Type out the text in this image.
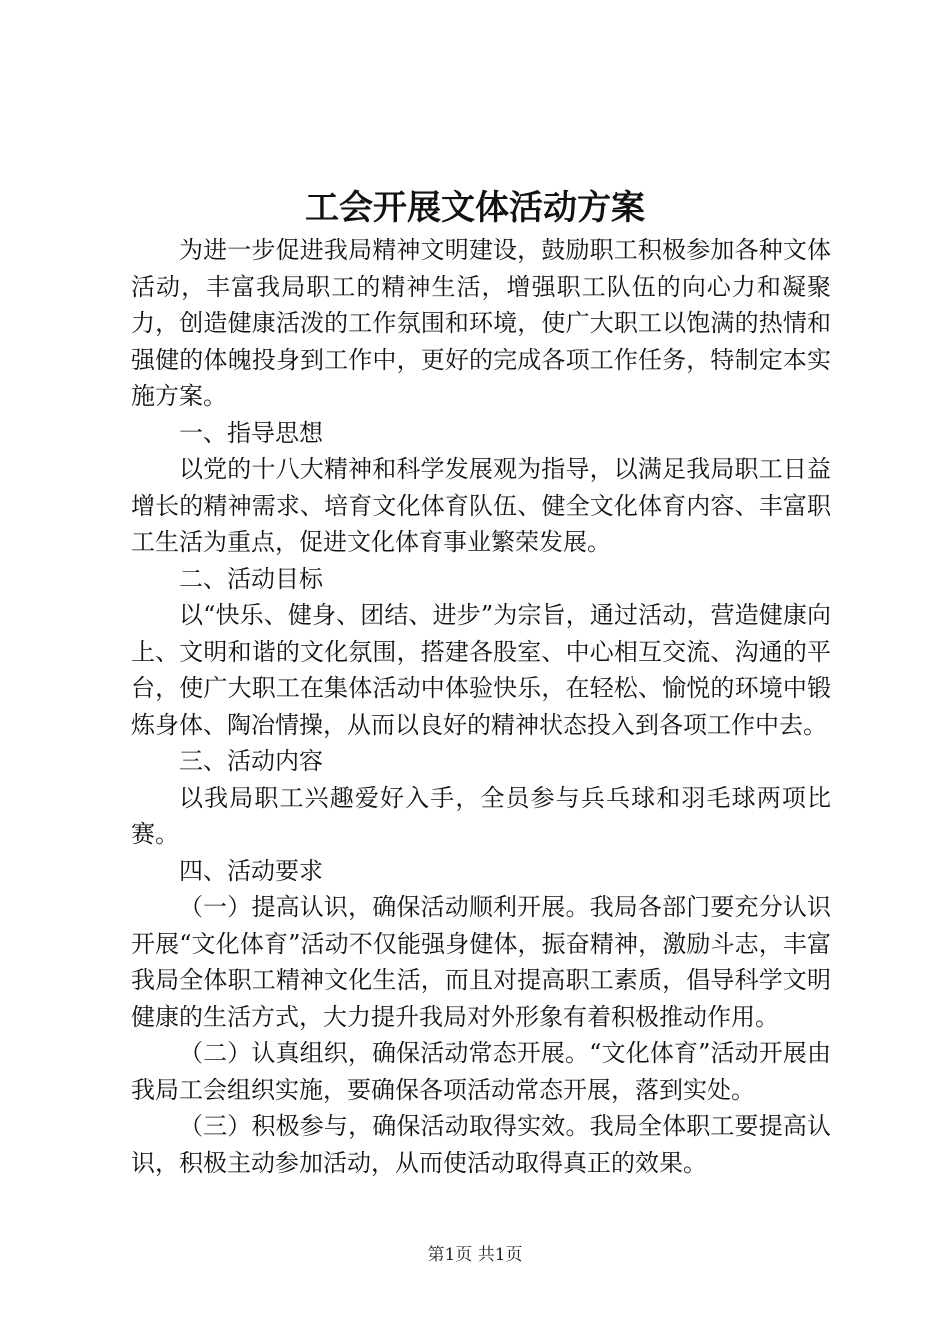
工会开展文体活动方案

为进一步促进我局精神文明建设，鼓励职工积极参加各种文体活动，丰富我局职工的精神生活，增强职工队伍的向心力和凝聚力，创造健康活泼的工作氛围和环境，使广大职工以饱满的热情和强健的体魄投身到工作中，更好的完成各项工作任务，特制定本实施方案。

一、指导思想

以党的十八大精神和科学发展观为指导，以满足我局职工日益增长的精神需求、培育文化体育队伍、健全文化体育内容、丰富职工生活为重点，促进文化体育事业繁荣发展。

二、活动目标

以“快乐、健身、团结、进步”为宗旨，通过活动，营造健康向上、文明和谐的文化氛围，搭建各股室、中心相互交流、沟通的平台，使广大职工在集体活动中体验快乐，在轻松、愉悦的环境中锻炼身体、陶冶情操，从而以良好的精神状态投入到各项工作中去。

三、活动内容

以我局职工兴趣爱好入手，全员参与兵乓球和羽毛球两项比赛。

四、活动要求

（一）提高认识，确保活动顺利开展。我局各部门要充分认识开展“文化体育”活动不仅能强身健体，振奋精神，激励斗志，丰富我局全体职工精神文化生活，而且对提高职工素质，倡导科学文明健康的生活方式，大力提升我局对外形象有着积极推动作用。

（二）认真组织，确保活动常态开展。“文化体育”活动开展由我局工会组织实施，要确保各项活动常态开展，落到实处。

（三）积极参与，确保活动取得实效。我局全体职工要提高认识，积极主动参加活动，从而使活动取得真正的效果。

第1页 共1页
